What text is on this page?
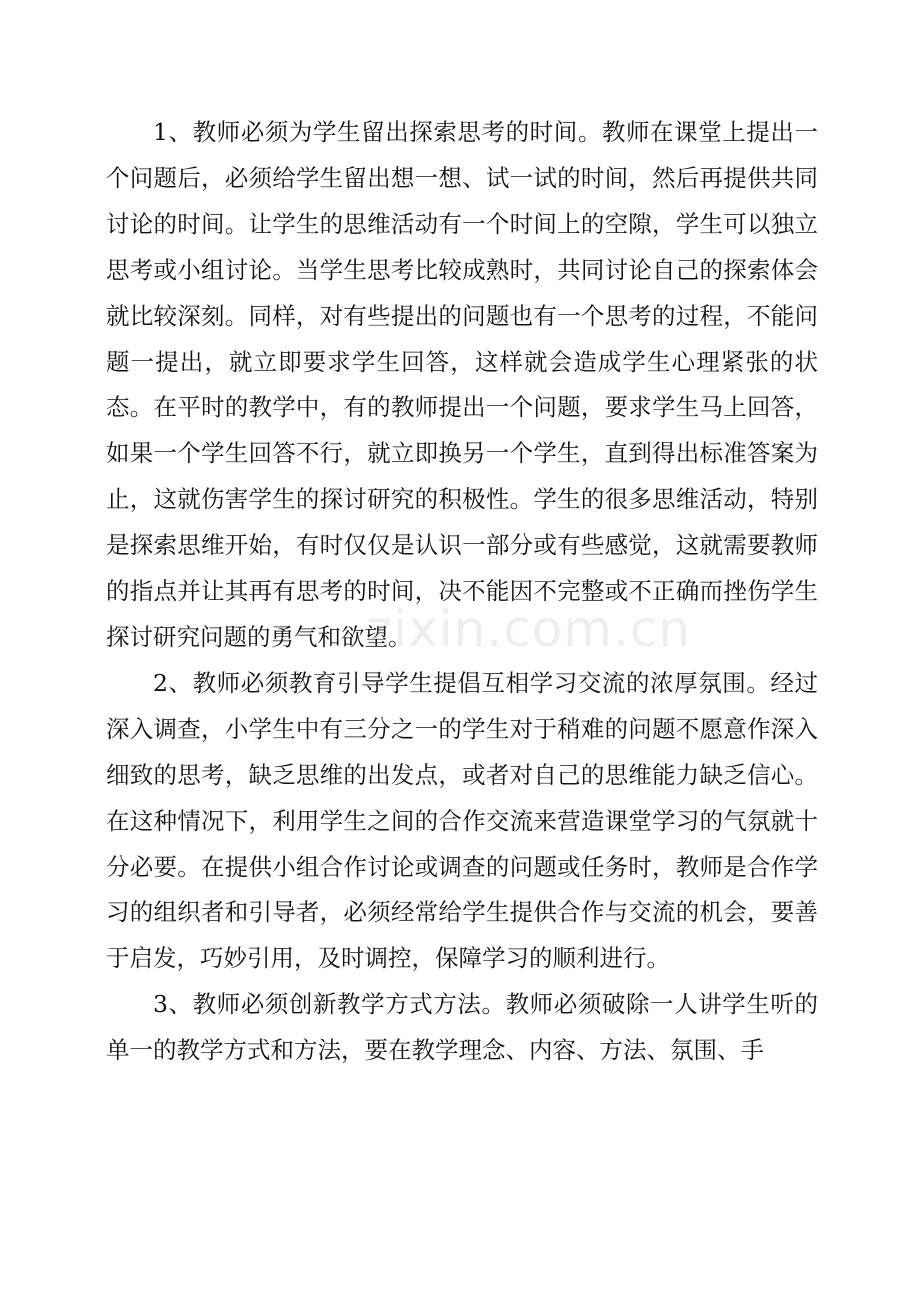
1、教师必须为学生留出探索思考的时间。教师在课堂上提出一个问题后，必须给学生留出想一想、试一试的时间，然后再提供共同讨论的时间。让学生的思维活动有一个时间上的空隙，学生可以独立思考或小组讨论。当学生思考比较成熟时，共同讨论自己的探索体会就比较深刻。同样，对有些提出的问题也有一个思考的过程，不能问题一提出，就立即要求学生回答，这样就会造成学生心理紧张的状态。在平时的教学中，有的教师提出一个问题，要求学生马上回答，如果一个学生回答不行，就立即换另一个学生，直到得出标准答案为止，这就伤害学生的探讨研究的积极性。学生的很多思维活动，特别是探索思维开始，有时仅仅是认识一部分或有些感觉，这就需要教师的指点并让其再有思考的时间，决不能因不完整或不正确而挫伤学生探讨研究问题的勇气和欲望。

2、教师必须教育引导学生提倡互相学习交流的浓厚氛围。经过深入调查，小学生中有三分之一的学生对于稍难的问题不愿意作深入细致的思考，缺乏思维的出发点，或者对自己的思维能力缺乏信心。在这种情况下，利用学生之间的合作交流来营造课堂学习的气氛就十分必要。在提供小组合作讨论或调查的问题或任务时，教师是合作学习的组织者和引导者，必须经常给学生提供合作与交流的机会，要善于启发，巧妙引用，及时调控，保障学习的顺利进行。

3、教师必须创新教学方式方法。教师必须破除一人讲学生听的单一的教学方式和方法，要在教学理念、内容、方法、氛围、手

zixin.com.cn
